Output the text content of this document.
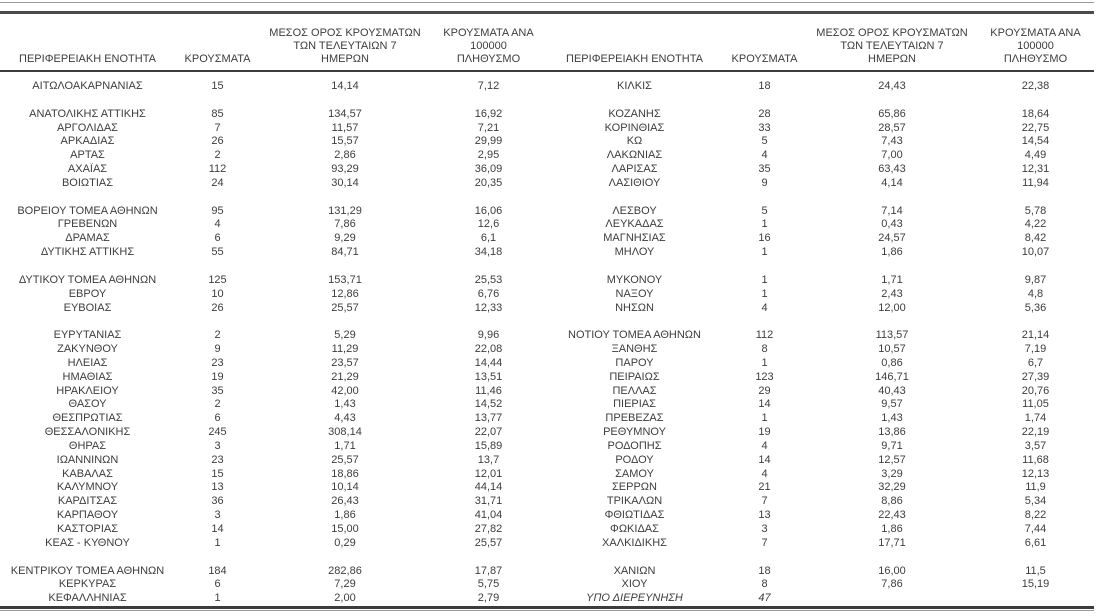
ΠΕΡΙΦΕΡΕΙΑΚΗ ΕΝΟΤΗΤΑ	ΚΡΟΥΣΜΑΤΑ	ΜΕΣΟΣ ΟΡΟΣ ΚΡΟΥΣΜΑΤΩΝ
ΤΩΝ ΤΕΛΕΥΤΑΙΩΝ 7
ΗΜΕΡΩΝ	ΚΡΟΥΣΜΑΤΑ ΑΝΑ 100000
ΠΛΗΘΥΣΜΟ
ΑΙΤΩΛΟΑΚΑΡΝΑΝΙΑΣ	15	14,14	7,12

ΑΝΑΤΟΛΙΚΗΣ ΑΤΤΙΚΗΣ	85	134,57	16,92
ΑΡΓΟΛΙΔΑΣ	7	11,57	7,21
ΑΡΚΑΔΙΑΣ	26	15,57	29,99
ΑΡΤΑΣ	2	2,86	2,95
ΑΧΑΪΑΣ	112	93,29	36,09
ΒΟΙΩΤΙΑΣ	24	30,14	20,35

ΒΟΡΕΙΟΥ ΤΟΜΕΑ ΑΘΗΝΩΝ	95	131,29	16,06
ΓΡΕΒΕΝΩΝ	4	7,86	12,6
ΔΡΑΜΑΣ	6	9,29	6,1
ΔΥΤΙΚΗΣ ΑΤΤΙΚΗΣ	55	84,71	34,18

ΔΥΤΙΚΟΥ ΤΟΜΕΑ ΑΘΗΝΩΝ	125	153,71	25,53
ΕΒΡΟΥ	10	12,86	6,76
ΕΥΒΟΙΑΣ	26	25,57	12,33

ΕΥΡΥΤΑΝΙΑΣ	2	5,29	9,96
ΖΑΚΥΝΘΟΥ	9	11,29	22,08
ΗΛΕΙΑΣ	23	23,57	14,44
ΗΜΑΘΙΑΣ	19	21,29	13,51
ΗΡΑΚΛΕΙΟΥ	35	42,00	11,46
ΘΑΣΟΥ	2	1,43	14,52
ΘΕΣΠΡΩΤΙΑΣ	6	4,43	13,77
ΘΕΣΣΑΛΟΝΙΚΗΣ	245	308,14	22,07
ΘΗΡΑΣ	3	1,71	15,89
ΙΩΑΝΝΙΝΩΝ	23	25,57	13,7
ΚΑΒΑΛΑΣ	15	18,86	12,01
ΚΑΛΥΜΝΟΥ	13	10,14	44,14
ΚΑΡΔΙΤΣΑΣ	36	26,43	31,71
ΚΑΡΠΑΘΟΥ	3	1,86	41,04
ΚΑΣΤΟΡΙΑΣ	14	15,00	27,82
ΚΕΑΣ - ΚΥΘΝΟΥ	1	0,29	25,57

ΚΕΝΤΡΙΚΟΥ ΤΟΜΕΑ ΑΘΗΝΩΝ	184	282,86	17,87
ΚΕΡΚΥΡΑΣ	6	7,29	5,75
ΚΕΦΑΛΛΗΝΙΑΣ	1	2,00	2,79
ΠΕΡΙΦΕΡΕΙΑΚΗ ΕΝΟΤΗΤΑ	ΚΡΟΥΣΜΑΤΑ	ΜΕΣΟΣ ΟΡΟΣ ΚΡΟΥΣΜΑΤΩΝ
ΤΩΝ ΤΕΛΕΥΤΑΙΩΝ 7
ΗΜΕΡΩΝ	ΚΡΟΥΣΜΑΤΑ ΑΝΑ 100000
ΠΛΗΘΥΣΜΟ
ΚΙΛΚΙΣ	18	24,43	22,38

ΚΟΖΑΝΗΣ	28	65,86	18,64
ΚΟΡΙΝΘΙΑΣ	33	28,57	22,75
ΚΩ	5	7,43	14,54
ΛΑΚΩΝΙΑΣ	4	7,00	4,49
ΛΑΡΙΣΑΣ	35	63,43	12,31
ΛΑΣΙΘΙΟΥ	9	4,14	11,94

ΛΕΣΒΟΥ	5	7,14	5,78
ΛΕΥΚΑΔΑΣ	1	0,43	4,22
ΜΑΓΝΗΣΙΑΣ	16	24,57	8,42
ΜΗΛΟΥ	1	1,86	10,07

ΜΥΚΟΝΟΥ	1	1,71	9,87
ΝΑΞΟΥ	1	2,43	4,8
ΝΗΣΩΝ	4	12,00	5,36

ΝΟΤΙΟΥ ΤΟΜΕΑ ΑΘΗΝΩΝ	112	113,57	21,14
ΞΑΝΘΗΣ	8	10,57	7,19
ΠΑΡΟΥ	1	0,86	6,7
ΠΕΙΡΑΙΩΣ	123	146,71	27,39
ΠΕΛΛΑΣ	29	40,43	20,76
ΠΙΕΡΙΑΣ	14	9,57	11,05
ΠΡΕΒΕΖΑΣ	1	1,43	1,74
ΡΕΘΥΜΝΟΥ	19	13,86	22,19
ΡΟΔΟΠΗΣ	4	9,71	3,57
ΡΟΔΟΥ	14	12,57	11,68
ΣΑΜΟΥ	4	3,29	12,13
ΣΕΡΡΩΝ	21	32,29	11,9
ΤΡΙΚΑΛΩΝ	7	8,86	5,34
ΦΘΙΩΤΙΔΑΣ	13	22,43	8,22
ΦΩΚΙΔΑΣ	3	1,86	7,44
ΧΑΛΚΙΔΙΚΗΣ	7	17,71	6,61

ΧΑΝΙΩΝ	18	16,00	11,5
ΧΙΟΥ	8	7,86	15,19
ΥΠΟ ΔΙΕΡΕΥΝΗΣΗ	47		
